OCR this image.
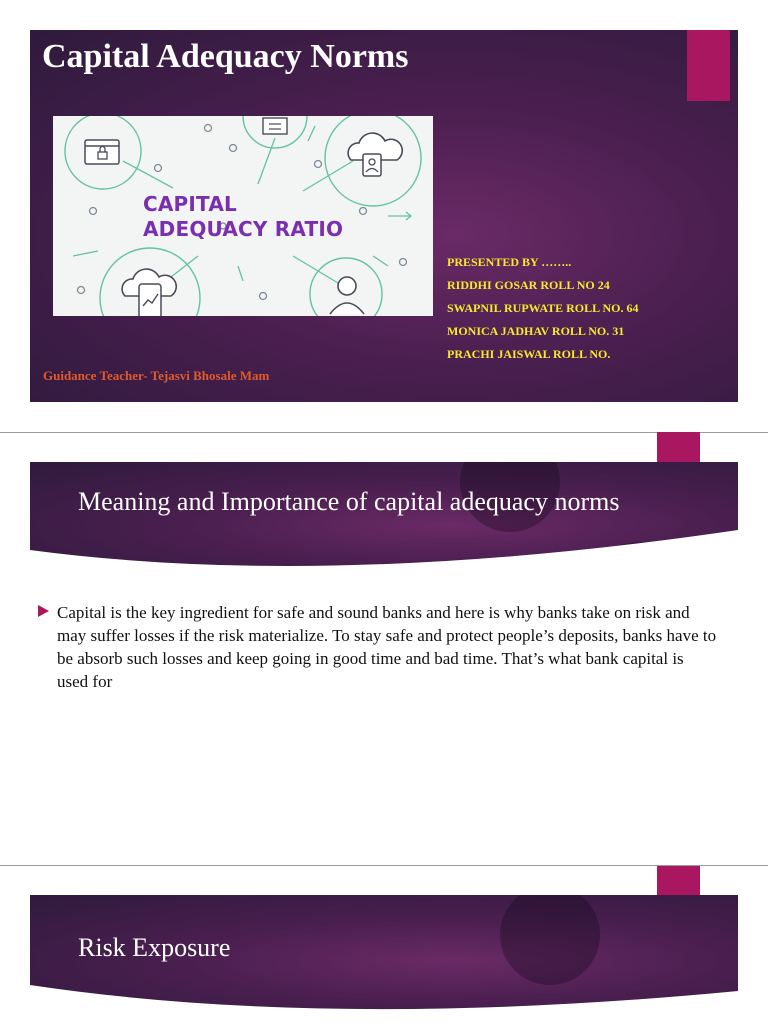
Capital Adequacy Norms

CAPITAL
ADEQUACY RATIO

PRESENTED BY ……..
RIDDHI GOSAR ROLL NO 24
SWAPNIL RUPWATE ROLL NO. 64
MONICA JADHAV ROLL NO. 31
PRACHI JAISWAL ROLL NO.
Guidance Teacher- Tejasvi Bhosale Mam
Meaning and Importance of capital adequacy norms

Capital is the key ingredient for safe and sound banks and here is why banks take on risk and may suffer losses if the risk materialize. To stay safe and protect people’s deposits, banks have to be absorb such losses and keep going in good time and bad time. That’s what bank capital is used for

Risk Exposure
